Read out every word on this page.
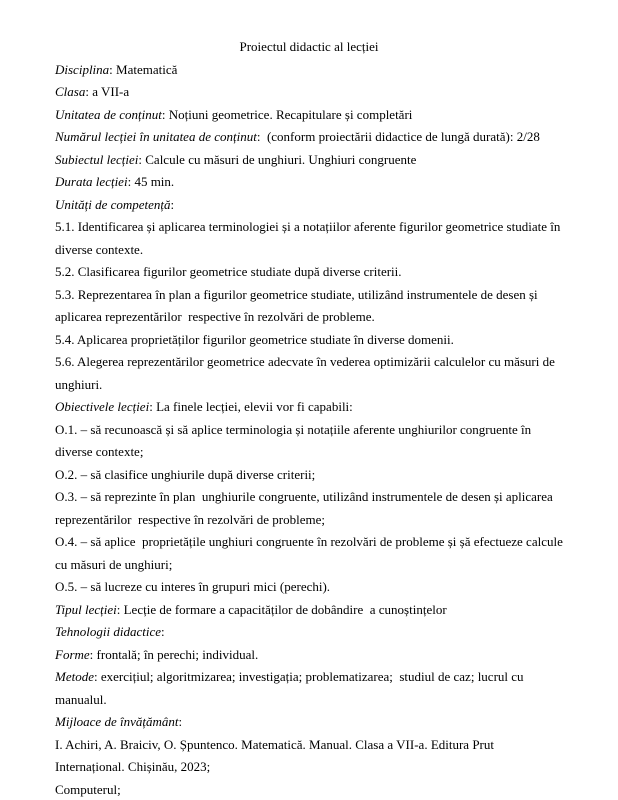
Proiectul didactic al lecției

Disciplina: Matematică

Clasa: a VII-a

Unitatea de conținut: Noțiuni geometrice. Recapitulare și completări

Numărul lecției în unitatea de conținut:  (conform proiectării didactice de lungă durată): 2/28

Subiectul lecției: Calcule cu măsuri de unghiuri. Unghiuri congruente

Durata lecției: 45 min.

Unități de competență:

5.1. Identificarea și aplicarea terminologiei și a notațiilor aferente figurilor geometrice studiate în diverse contexte.

5.2. Clasificarea figurilor geometrice studiate după diverse criterii.

5.3. Reprezentarea în plan a figurilor geometrice studiate, utilizând instrumentele de desen și aplicarea reprezentărilor  respective în rezolvări de probleme.

5.4. Aplicarea proprietăților figurilor geometrice studiate în diverse domenii.

5.6. Alegerea reprezentărilor geometrice adecvate în vederea optimizării calculelor cu măsuri de unghiuri.

Obiectivele lecției: La finele lecției, elevii vor fi capabili:

O.1. – să recunoască și să aplice terminologia și notațiile aferente unghiurilor congruente în diverse contexte;

O.2. – să clasifice unghiurile după diverse criterii;

O.3. – să reprezinte în plan  unghiurile congruente, utilizând instrumentele de desen și aplicarea reprezentărilor  respective în rezolvări de probleme;

O.4. – să aplice  proprietățile unghiuri congruente în rezolvări de probleme și șă efectueze calcule cu măsuri de unghiuri;

O.5. – să lucreze cu interes în grupuri mici (perechi).

Tipul lecției: Lecție de formare a capacităților de dobândire  a cunoștințelor

Tehnologii didactice:

Forme: frontală; în perechi; individual.

Metode: exercițiul; algoritmizarea; investigația; problematizarea;  studiul de caz; lucrul cu manualul.

Mijloace de învățământ:

I. Achiri, A. Braiciv, O. Șpuntenco. Matematică. Manual. Clasa a VII-a. Editura Prut Internațional. Chișinău, 2023;

Computerul;
